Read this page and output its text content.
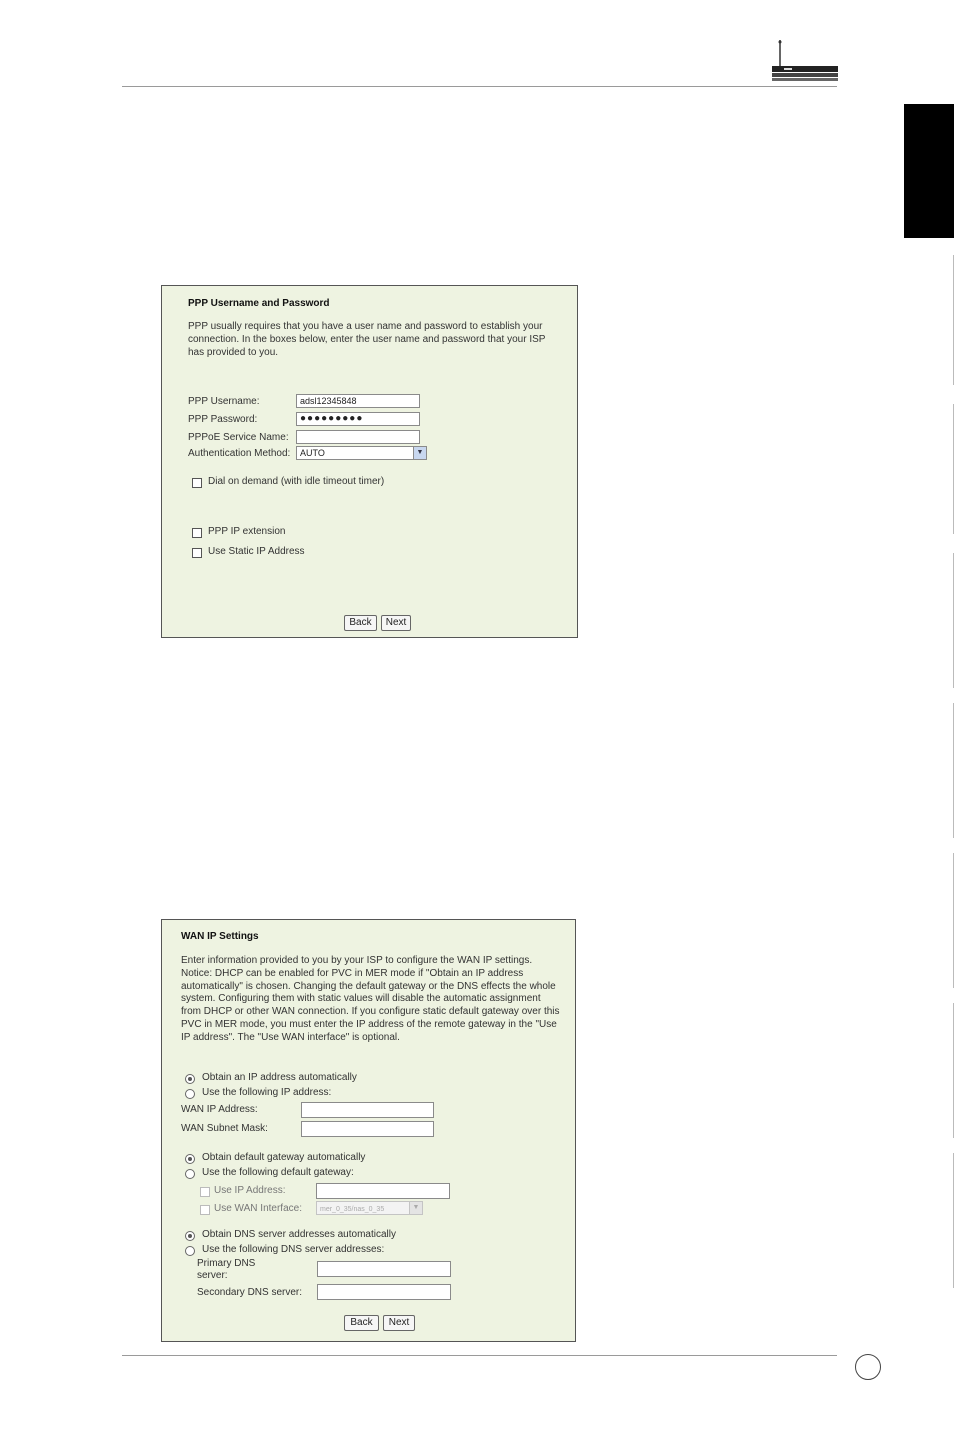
PPP Username and Password
PPP usually requires that you have a user name and password to establish your connection. In the boxes below, enter the user name and password that your ISP has provided to you.
PPP Username:	adsl12345848
PPP Password:	●●●●●●●●●
PPPoE Service Name:
Authentication Method:	AUTO	▼
Dial on demand (with idle timeout timer)
PPP IP extension
Use Static IP Address
Back	Next
WAN IP Settings
Enter information provided to you by your ISP to configure the WAN IP settings. Notice: DHCP can be enabled for PVC in MER mode if "Obtain an IP address automatically" is chosen. Changing the default gateway or the DNS effects the whole system. Configuring them with static values will disable the automatic assignment from DHCP or other WAN connection. If you configure static default gateway over this PVC in MER mode, you must enter the IP address of the remote gateway in the "Use IP address". The "Use WAN interface" is optional.
Obtain an IP address automatically
Use the following IP address:
WAN IP Address:
WAN Subnet Mask:
Obtain default gateway automatically
Use the following default gateway:
Use IP Address:
Use WAN Interface:	mer_0_35/nas_0_35	▼
Obtain DNS server addresses automatically
Use the following DNS server addresses:
Primary DNS server:
Secondary DNS server:
Back	Next
